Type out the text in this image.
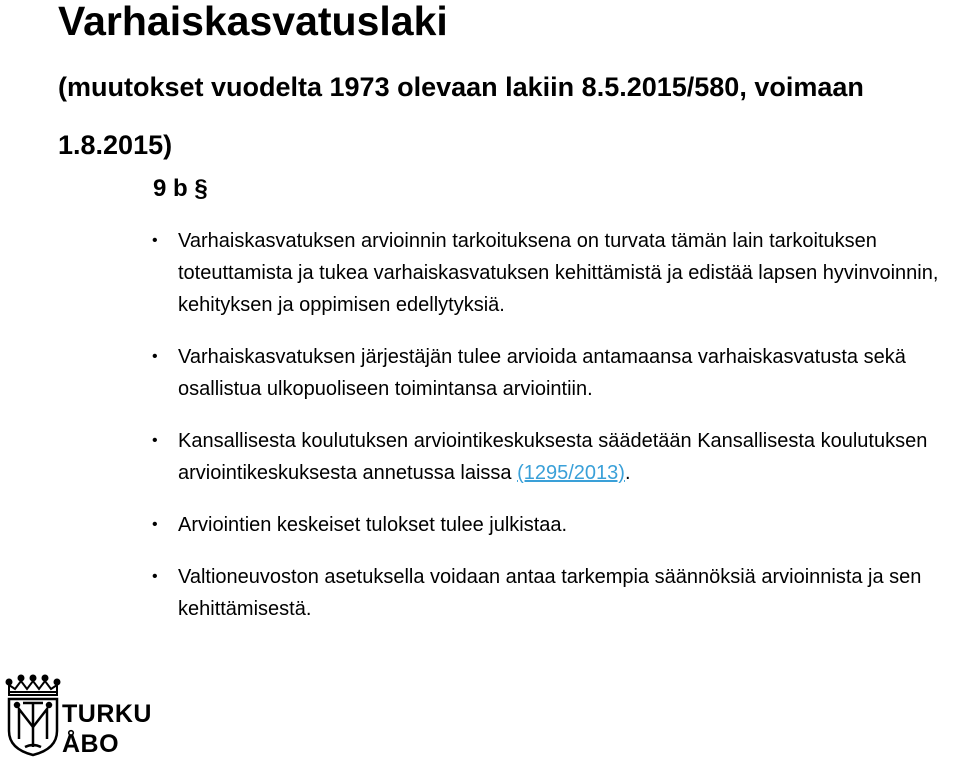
Varhaiskasvatuslaki
(muutokset vuodelta 1973 olevaan lakiin 8.5.2015/580, voimaan 1.8.2015)
9 b §
• Varhaiskasvatuksen arvioinnin tarkoituksena on turvata tämän lain tarkoituksen toteuttamista ja tukea varhaiskasvatuksen kehittämistä ja edistää lapsen hyvinvoinnin, kehityksen ja oppimisen edellytyksiä.
• Varhaiskasvatuksen järjestäjän tulee arvioida antamaansa varhaiskasvatusta sekä osallistua ulkopuoliseen toimintansa arviointiin.
• Kansallisesta koulutuksen arviointikeskuksesta säädetään Kansallisesta koulutuksen arviointikeskuksesta annetussa laissa (1295/2013).
• Arviointien keskeiset tulokset tulee julkistaa.
• Valtioneuvoston asetuksella voidaan antaa tarkempia säännöksiä arvioinnista ja sen kehittämisestä.
TURKU
ÅBO
